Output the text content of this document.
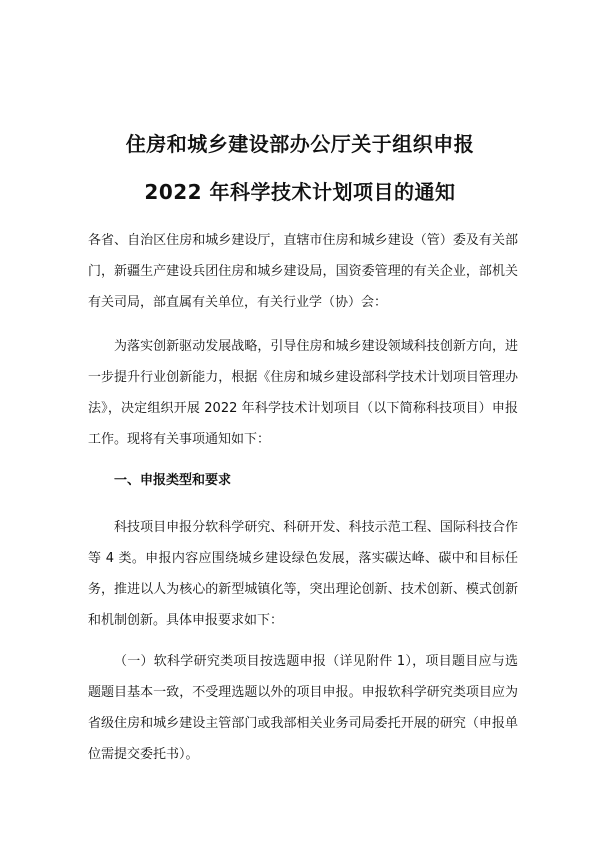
住房和城乡建设部办公厅关于组织申报
2022 年科学技术计划项目的通知

各省、自治区住房和城乡建设厅，直辖市住房和城乡建设（管）委及有关部门，新疆生产建设兵团住房和城乡建设局，国资委管理的有关企业，部机关有关司局，部直属有关单位，有关行业学（协）会：

为落实创新驱动发展战略，引导住房和城乡建设领域科技创新方向，进一步提升行业创新能力，根据《住房和城乡建设部科学技术计划项目管理办法》，决定组织开展 2022 年科学技术计划项目（以下简称科技项目）申报工作。现将有关事项通知如下：

一、申报类型和要求

科技项目申报分软科学研究、科研开发、科技示范工程、国际科技合作等 4 类。申报内容应围绕城乡建设绿色发展，落实碳达峰、碳中和目标任务，推进以人为核心的新型城镇化等，突出理论创新、技术创新、模式创新和机制创新。具体申报要求如下：

（一）软科学研究类项目按选题申报（详见附件 1），项目题目应与选题题目基本一致，不受理选题以外的项目申报。申报软科学研究类项目应为省级住房和城乡建设主管部门或我部相关业务司局委托开展的研究（申报单位需提交委托书）。
